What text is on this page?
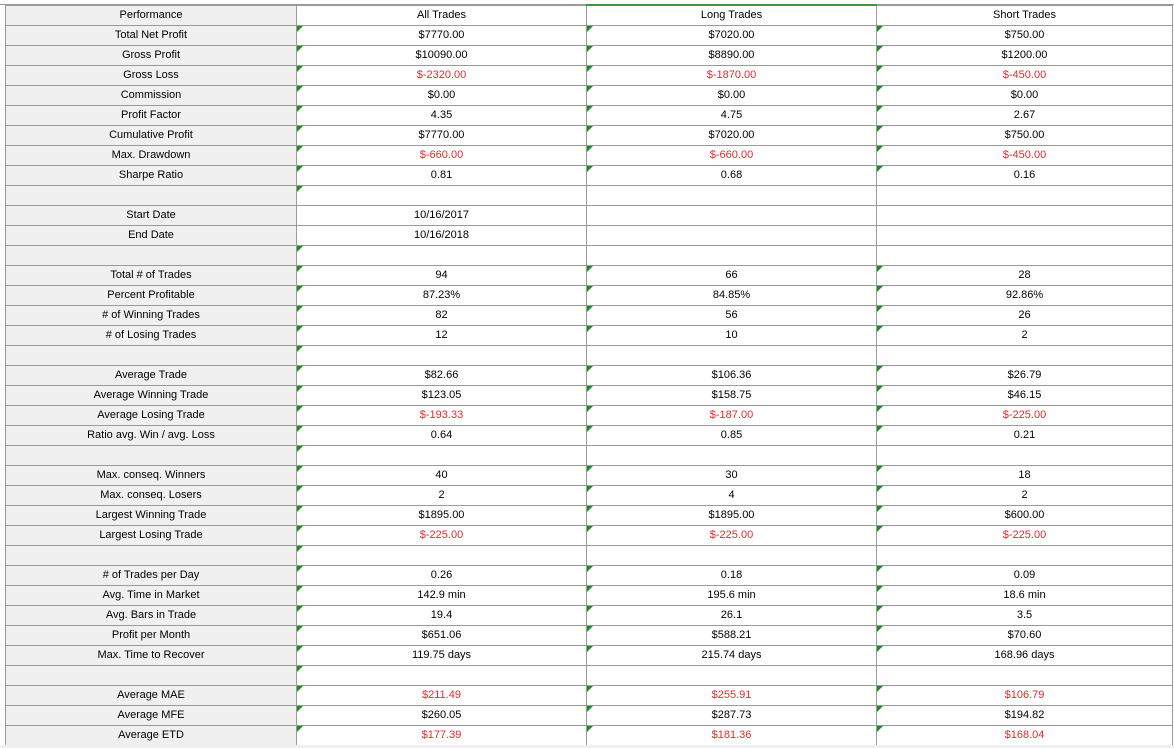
Performance	All Trades	Long Trades	Short Trades
Total Net Profit	$7770.00	$7020.00	$750.00
Gross Profit	$10090.00	$8890.00	$1200.00
Gross Loss	$-2320.00	$-1870.00	$-450.00
Commission	$0.00	$0.00	$0.00
Profit Factor	4.35	4.75	2.67
Cumulative Profit	$7770.00	$7020.00	$750.00
Max. Drawdown	$-660.00	$-660.00	$-450.00
Sharpe Ratio	0.81	0.68	0.16

Start Date	10/16/2017		
End Date	10/16/2018		

Total # of Trades	94	66	28
Percent Profitable	87.23%	84.85%	92.86%
# of Winning Trades	82	56	26
# of Losing Trades	12	10	2

Average Trade	$82.66	$106.36	$26.79
Average Winning Trade	$123.05	$158.75	$46.15
Average Losing Trade	$-193.33	$-187.00	$-225.00
Ratio avg. Win / avg. Loss	0.64	0.85	0.21

Max. conseq. Winners	40	30	18
Max. conseq. Losers	2	4	2
Largest Winning Trade	$1895.00	$1895.00	$600.00
Largest Losing Trade	$-225.00	$-225.00	$-225.00

# of Trades per Day	0.26	0.18	0.09
Avg. Time in Market	142.9 min	195.6 min	18.6 min
Avg. Bars in Trade	19.4	26.1	3.5
Profit per Month	$651.06	$588.21	$70.60
Max. Time to Recover	119.75 days	215.74 days	168.96 days

Average MAE	$211.49	$255.91	$106.79
Average MFE	$260.05	$287.73	$194.82
Average ETD	$177.39	$181.36	$168.04
